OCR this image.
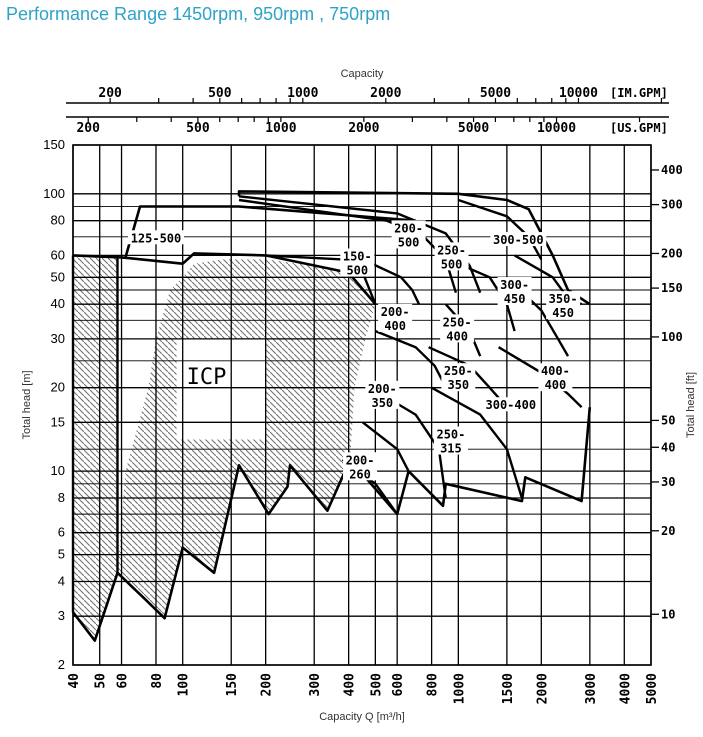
Performance Range 1450rpm, 950rpm , 750rpm
2
3
4
5
6
8
10
15
20
30
40
50
60
80
100
150
40 50 60 80 100	150 200	300 400 500 600 800 1000	1500 2000	3000 4000 5000
10
20
30
40
50
100
150
200
300
400
200	500	1000	2000	5000	10000
200	500	1000	2000	5000	10000
[IM.GPM]
[US.GPM]
Capacity
Capacity Q [m³/h]
Total head [m]	Total head [ft]
125-500
150-
500
200-
500
250-
500
300-500
200-
400	250-
400
300-
450 350-
450
400-
400
250-
350
300-400
200-
350
250-
315
200-
260
ICP
